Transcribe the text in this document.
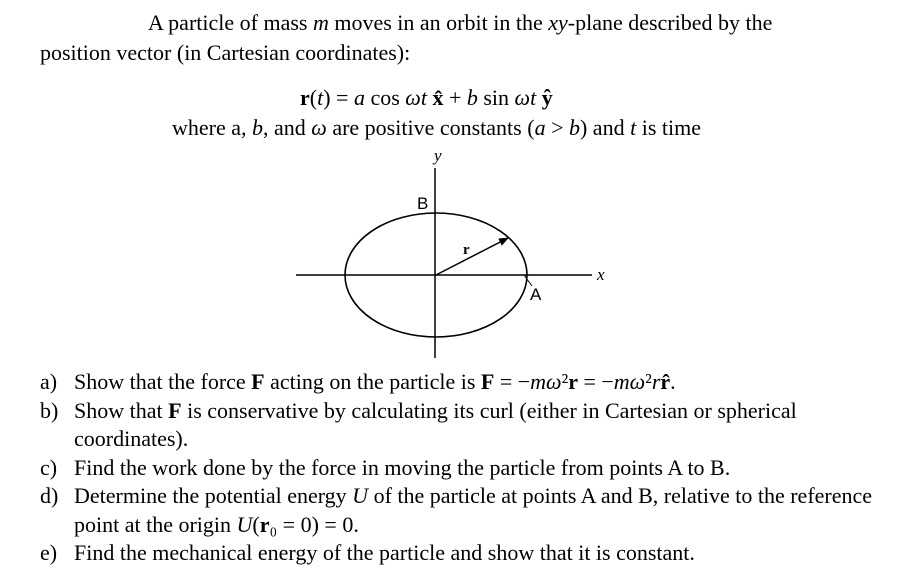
A particle of mass m moves in an orbit in the xy-plane described by the
position vector (in Cartesian coordinates):
r(t) = a cos ωt x̂ + b sin ωt ŷ
where a, b, and ω are positive constants (a > b) and t is time
y
x
B
A
r
a) Show that the force F acting on the particle is F = −mω²r = −mω²rr̂.
b) Show that F is conservative by calculating its curl (either in Cartesian or spherical coordinates).
c) Find the work done by the force in moving the particle from points A to B.
d) Determine the potential energy U of the particle at points A and B, relative to the reference point at the origin U(r₀ = 0) = 0.
e) Find the mechanical energy of the particle and show that it is constant.
